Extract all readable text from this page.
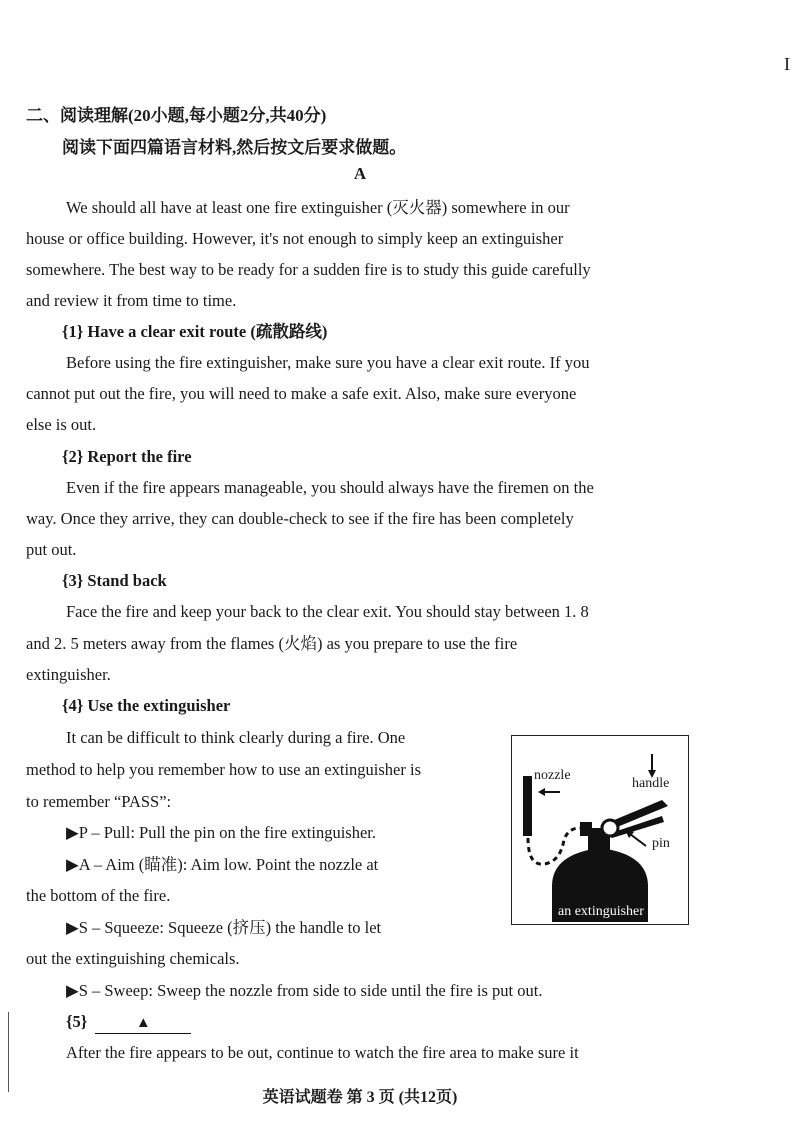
I
二、阅读理解(20小题,每小题2分,共40分)
阅读下面四篇语言材料,然后按文后要求做题。
A
We should all have at least one fire extinguisher (灭火器) somewhere in our
house or office building. However, it's not enough to simply keep an extinguisher
somewhere. The best way to be ready for a sudden fire is to study this guide carefully
and review it from time to time.
{1} Have a clear exit route (疏散路线)
Before using the fire extinguisher, make sure you have a clear exit route. If you
cannot put out the fire, you will need to make a safe exit. Also, make sure everyone
else is out.
{2} Report the fire
Even if the fire appears manageable, you should always have the firemen on the
way. Once they arrive, they can double-check to see if the fire has been completely
put out.
{3} Stand back
Face the fire and keep your back to the clear exit. You should stay between 1. 8
and 2. 5 meters away from the flames (火焰) as you prepare to use the fire
extinguisher.
{4} Use the extinguisher
It can be difficult to think clearly during a fire. One
method to help you remember how to use an extinguisher is
to remember “PASS”:
▶P – Pull: Pull the pin on the fire extinguisher.
▶A – Aim (瞄准): Aim low. Point the nozzle at
the bottom of the fire.
▶S – Squeeze: Squeeze (挤压) the handle to let
out the extinguishing chemicals.
▶S – Sweep: Sweep the nozzle from side to side until the fire is put out.
{5}	▲
After the fire appears to be out, continue to watch the fire area to make sure it
nozzle
handle
pin
an extinguisher
英语试题卷 第 3 页 (共12页)
